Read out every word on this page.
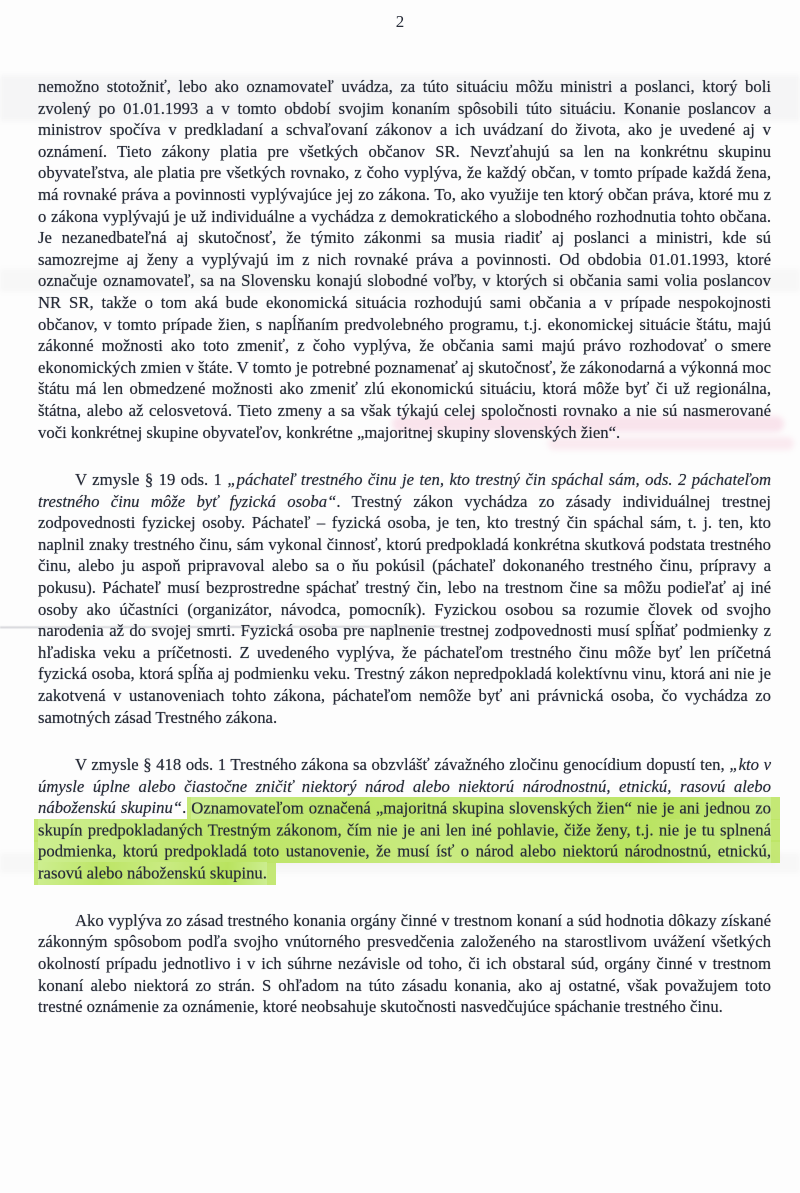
2

nemožno stotožniť, lebo ako oznamovateľ uvádza, za túto situáciu môžu ministri a poslanci, ktorý boli zvolený po 01.01.1993 a v tomto období svojim konaním spôsobili túto situáciu. Konanie poslancov a ministrov spočíva v predkladaní a schvaľovaní zákonov a ich uvádzaní do života, ako je uvedené aj v oznámení. Tieto zákony platia pre všetkých občanov SR. Nevzťahujú sa len na konkrétnu skupinu obyvateľstva, ale platia pre všetkých rovnako, z čoho vyplýva, že každý občan, v tomto prípade každá žena, má rovnaké práva a povinnosti vyplývajúce jej zo zákona. To, ako využije ten ktorý občan práva, ktoré mu z o zákona vyplývajú je už individuálne a vychádza z demokratického a slobodného rozhodnutia tohto občana. Je nezanedbateľná aj skutočnosť, že týmito zákonmi sa musia riadiť aj poslanci a ministri, kde sú samozrejme aj ženy a vyplývajú im z nich rovnaké práva a povinnosti. Od obdobia 01.01.1993, ktoré označuje oznamovateľ, sa na Slovensku konajú slobodné voľby, v ktorých si občania sami volia poslancov NR SR, takže o tom aká bude ekonomická situácia rozhodujú sami občania a v prípade nespokojnosti občanov, v tomto prípade žien, s napĺňaním predvolebného programu, t.j. ekonomickej situácie štátu, majú zákonné možnosti ako toto zmeniť, z čoho vyplýva, že občania sami majú právo rozhodovať o smere ekonomických zmien v štáte. V tomto je potrebné poznamenať aj skutočnosť, že zákonodarná a výkonná moc štátu má len obmedzené možnosti ako zmeniť zlú ekonomickú situáciu, ktorá môže byť či už regionálna, štátna, alebo až celosvetová. Tieto zmeny a sa však týkajú celej spoločnosti rovnako a nie sú nasmerované voči konkrétnej skupine obyvateľov, konkrétne „majoritnej skupiny slovenských žien“.

V zmysle § 19 ods. 1 „páchateľ trestného činu je ten, kto trestný čin spáchal sám, ods. 2 páchateľom trestného činu môže byť fyzická osoba“. Trestný zákon vychádza zo zásady individuálnej trestnej zodpovednosti fyzickej osoby. Páchateľ – fyzická osoba, je ten, kto trestný čin spáchal sám, t. j. ten, kto naplnil znaky trestného činu, sám vykonal činnosť, ktorú predpokladá konkrétna skutková podstata trestného činu, alebo ju aspoň pripravoval alebo sa o ňu pokúsil (páchateľ dokonaného trestného činu, prípravy a pokusu). Páchateľ musí bezprostredne spáchať trestný čin, lebo na trestnom čine sa môžu podieľať aj iné osoby ako účastníci (organizátor, návodca, pomocník). Fyzickou osobou sa rozumie človek od svojho narodenia až do svojej smrti. Fyzická osoba pre naplnenie trestnej zodpovednosti musí spĺňať podmienky z hľadiska veku a príčetnosti. Z uvedeného vyplýva, že páchateľom trestného činu môže byť len príčetná fyzická osoba, ktorá spĺňa aj podmienku veku. Trestný zákon nepredpokladá kolektívnu vinu, ktorá ani nie je zakotvená v ustanoveniach tohto zákona, páchateľom nemôže byť ani právnická osoba, čo vychádza zo samotných zásad Trestného zákona.

V zmysle § 418 ods. 1 Trestného zákona sa obzvlášť závažného zločinu genocídium dopustí ten, „kto v úmysle úplne alebo čiastočne zničiť niektorý národ alebo niektorú národnostnú, etnickú, rasovú alebo náboženskú skupinu“. Oznamovateľom označená „majoritná skupina slovenských žien“ nie je ani jednou zo skupín predpokladaných Trestným zákonom, čím nie je ani len iné pohlavie, čiže ženy, t.j. nie je tu splnená podmienka, ktorú predpokladá toto ustanovenie, že musí ísť o národ alebo niektorú národnostnú, etnickú, rasovú alebo náboženskú skupinu.

Ako vyplýva zo zásad trestného konania orgány činné v trestnom konaní a súd hodnotia dôkazy získané zákonným spôsobom podľa svojho vnútorného presvedčenia založeného na starostlivom uvážení všetkých okolností prípadu jednotlivo i v ich súhrne nezávisle od toho, či ich obstaral súd, orgány činné v trestnom konaní alebo niektorá zo strán. S ohľadom na túto zásadu konania, ako aj ostatné, však považujem toto trestné oznámenie za oznámenie, ktoré neobsahuje skutočnosti nasvedčujúce spáchanie trestného činu.
